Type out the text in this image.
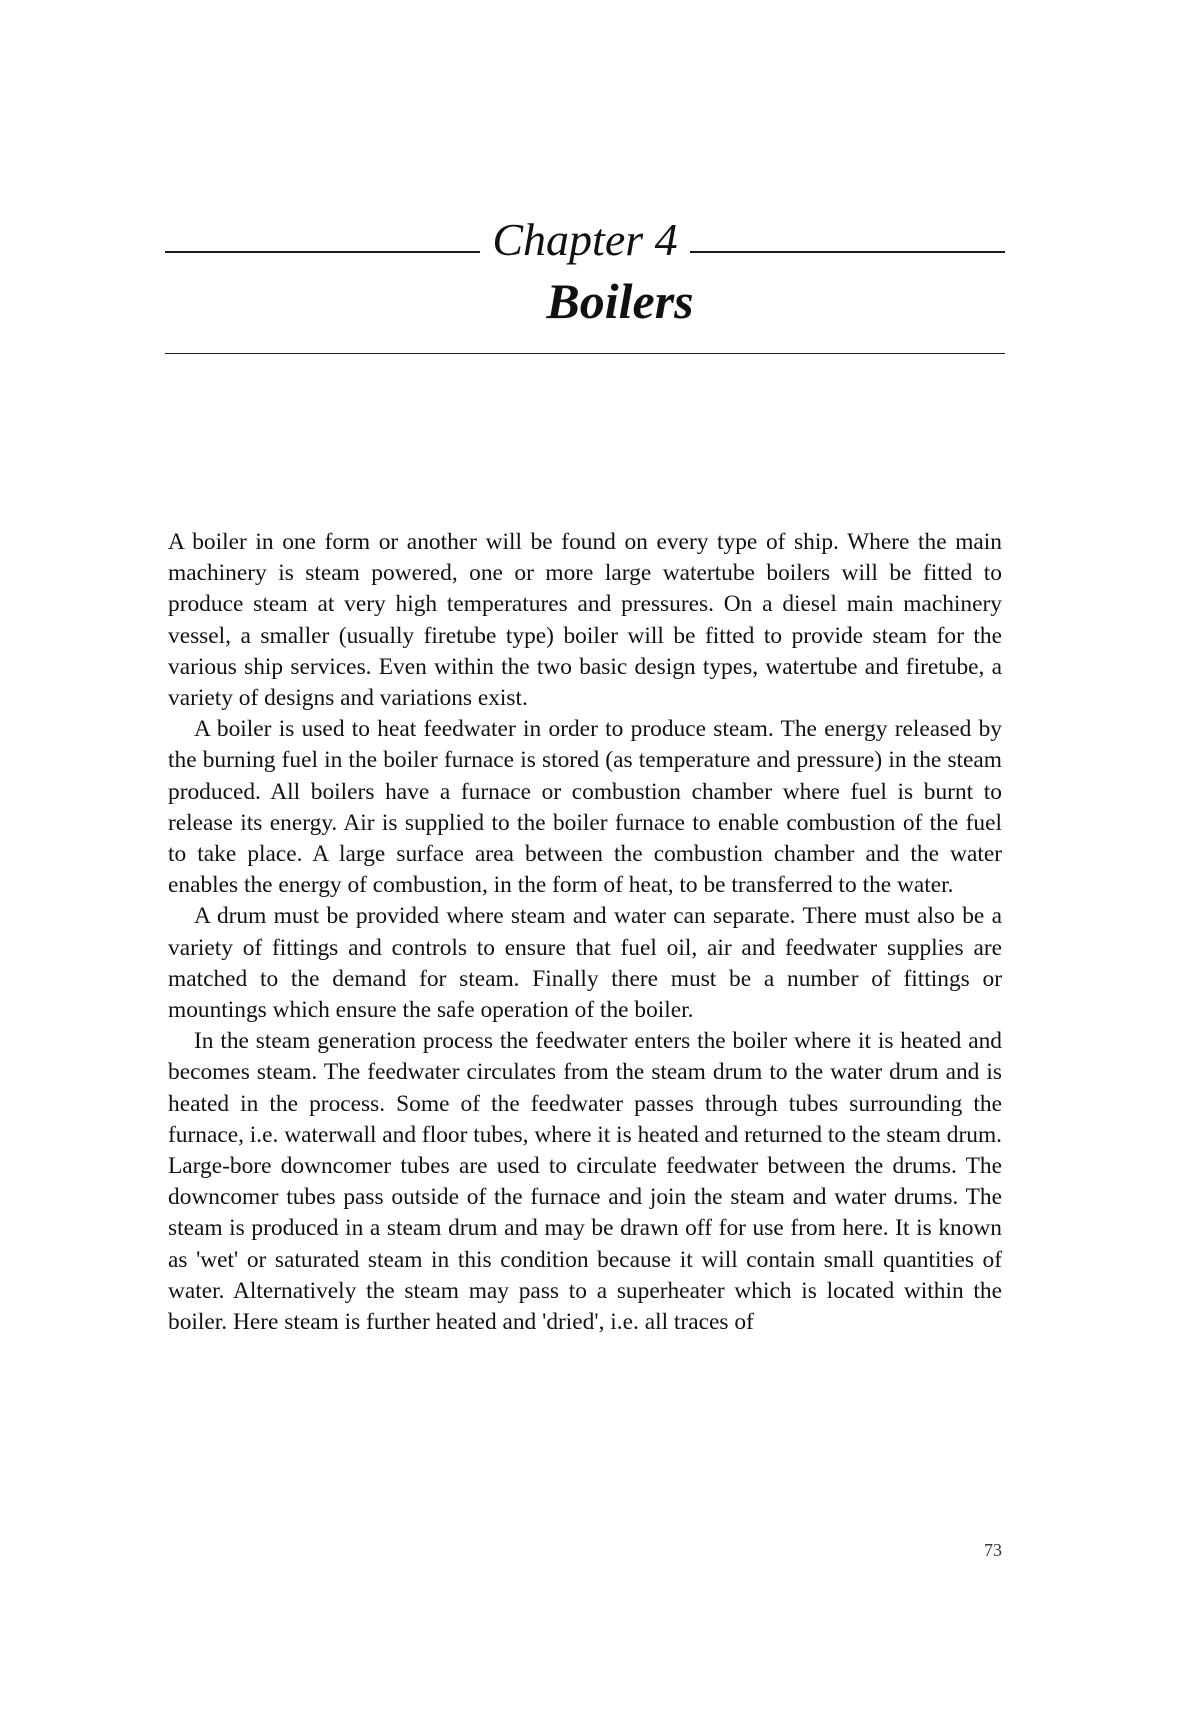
Chapter 4
Boilers

A boiler in one form or another will be found on every type of ship. Where the main machinery is steam powered, one or more large watertube boilers will be fitted to produce steam at very high temperatures and pressures. On a diesel main machinery vessel, a smaller (usually firetube type) boiler will be fitted to provide steam for the various ship services. Even within the two basic design types, watertube and firetube, a variety of designs and variations exist.

A boiler is used to heat feedwater in order to produce steam. The energy released by the burning fuel in the boiler furnace is stored (as temperature and pressure) in the steam produced. All boilers have a furnace or combustion chamber where fuel is burnt to release its energy. Air is supplied to the boiler furnace to enable combustion of the fuel to take place. A large surface area between the combustion chamber and the water enables the energy of combustion, in the form of heat, to be transferred to the water.

A drum must be provided where steam and water can separate. There must also be a variety of fittings and controls to ensure that fuel oil, air and feedwater supplies are matched to the demand for steam. Finally there must be a number of fittings or mountings which ensure the safe operation of the boiler.

In the steam generation process the feedwater enters the boiler where it is heated and becomes steam. The feedwater circulates from the steam drum to the water drum and is heated in the process. Some of the feedwater passes through tubes surrounding the furnace, i.e. waterwall and floor tubes, where it is heated and returned to the steam drum. Large-bore downcomer tubes are used to circulate feedwater between the drums. The downcomer tubes pass outside of the furnace and join the steam and water drums. The steam is produced in a steam drum and may be drawn off for use from here. It is known as 'wet' or saturated steam in this condition because it will contain small quantities of water. Alternatively the steam may pass to a superheater which is located within the boiler. Here steam is further heated and 'dried', i.e. all traces of

73
